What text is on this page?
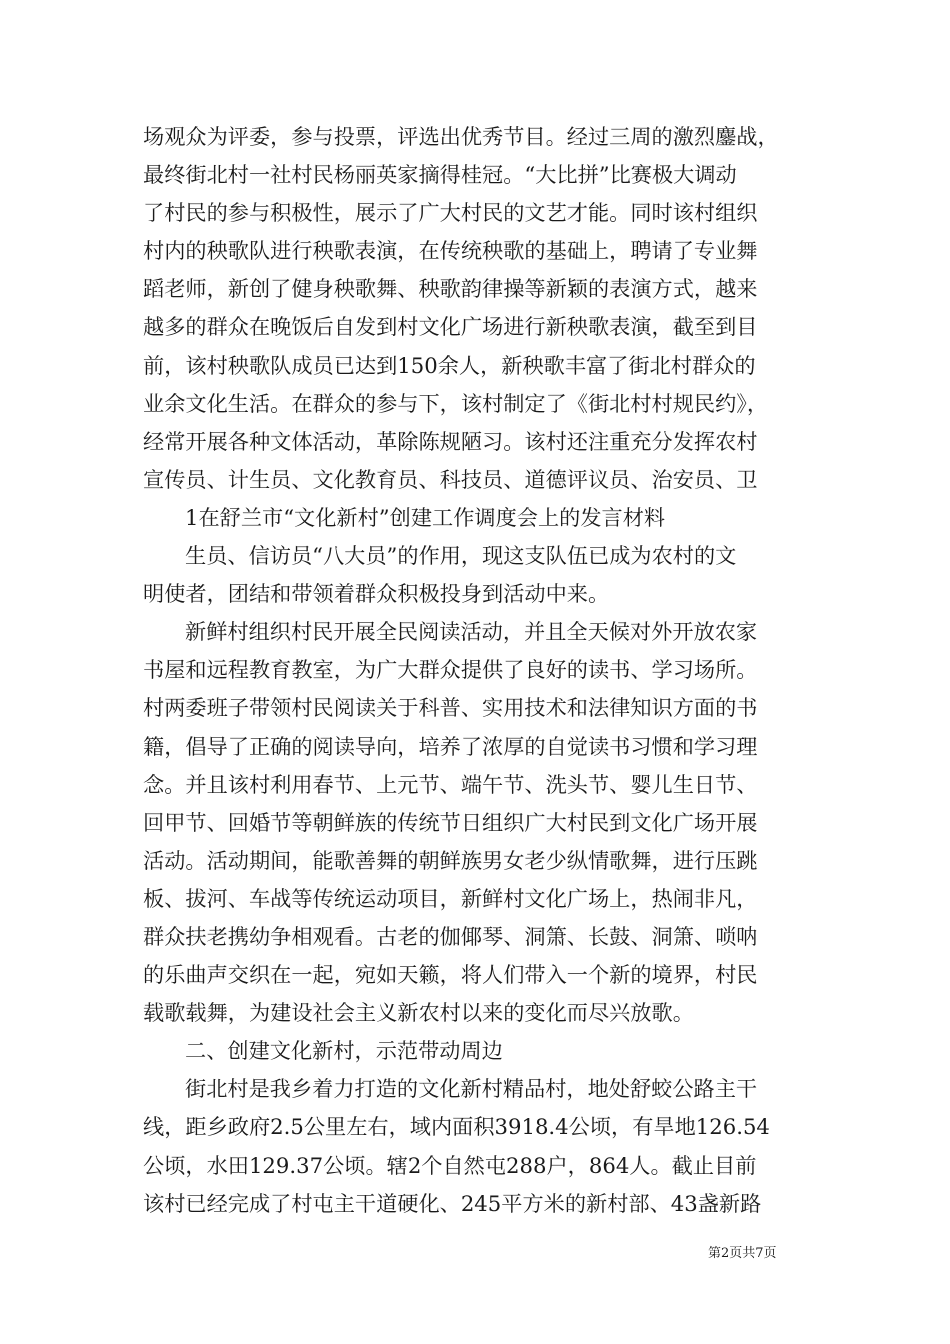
场观众为评委，参与投票，评选出优秀节目。经过三周的激烈鏖战，
最终街北村一社村民杨丽英家摘得桂冠。“大比拼”比赛极大调动
了村民的参与积极性，展示了广大村民的文艺才能。同时该村组织
村内的秧歌队进行秧歌表演，在传统秧歌的基础上，聘请了专业舞
蹈老师，新创了健身秧歌舞、秧歌韵律操等新颖的表演方式，越来
越多的群众在晚饭后自发到村文化广场进行新秧歌表演，截至到目
前，该村秧歌队成员已达到150余人，新秧歌丰富了街北村群众的
业余文化生活。在群众的参与下，该村制定了《街北村村规民约》，
经常开展各种文体活动，革除陈规陋习。该村还注重充分发挥农村
宣传员、计生员、文化教育员、科技员、道德评议员、治安员、卫
1在舒兰市“文化新村”创建工作调度会上的发言材料
生员、信访员“八大员”的作用，现这支队伍已成为农村的文
明使者，团结和带领着群众积极投身到活动中来。
新鲜村组织村民开展全民阅读活动，并且全天候对外开放农家
书屋和远程教育教室，为广大群众提供了良好的读书、学习场所。
村两委班子带领村民阅读关于科普、实用技术和法律知识方面的书
籍，倡导了正确的阅读导向，培养了浓厚的自觉读书习惯和学习理
念。并且该村利用春节、上元节、端午节、洗头节、婴儿生日节、
回甲节、回婚节等朝鲜族的传统节日组织广大村民到文化广场开展
活动。活动期间，能歌善舞的朝鲜族男女老少纵情歌舞，进行压跳
板、拔河、车战等传统运动项目，新鲜村文化广场上，热闹非凡，
群众扶老携幼争相观看。古老的伽倻琴、洞箫、长鼓、洞箫、唢呐
的乐曲声交织在一起，宛如天籁，将人们带入一个新的境界，村民
载歌载舞，为建设社会主义新农村以来的变化而尽兴放歌。
二、创建文化新村，示范带动周边
街北村是我乡着力打造的文化新村精品村，地处舒蛟公路主干
线，距乡政府2.5公里左右，域内面积3918.4公顷，有旱地126.54
公顷，水田129.37公顷。辖2个自然屯288户，864人。截止目前
该村已经完成了村屯主干道硬化、245平方米的新村部、43盏新路
第2页共7页
